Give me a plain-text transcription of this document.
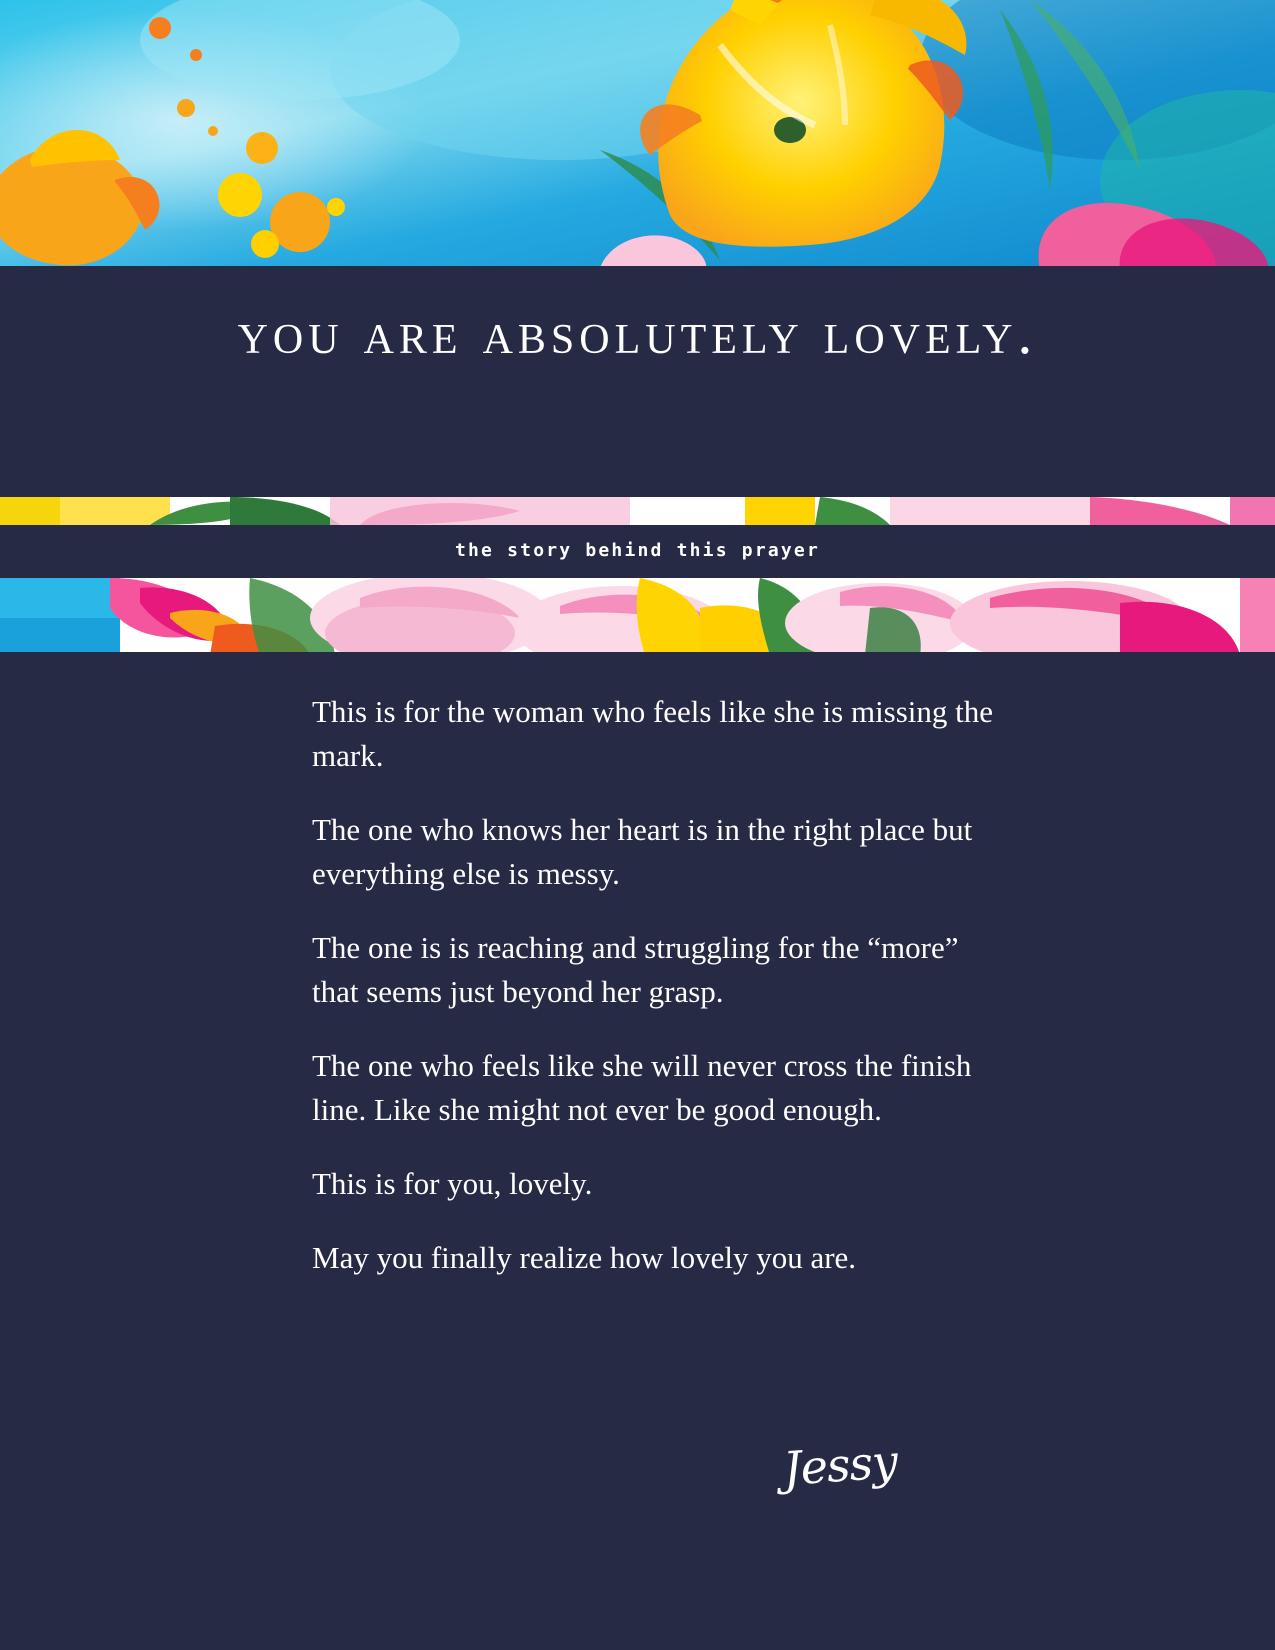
you are absolutely lovely.
the story behind this prayer

This is for the woman who feels like she is missing the mark.

The one who knows her heart is in the right place but everything else is messy.

The one is is reaching and struggling for the “more” that seems just beyond her grasp.

The one who feels like she will never cross the finish line. Like she might not ever be good enough.

This is for you, lovely.

May you finally realize how lovely you are.

Jessy
